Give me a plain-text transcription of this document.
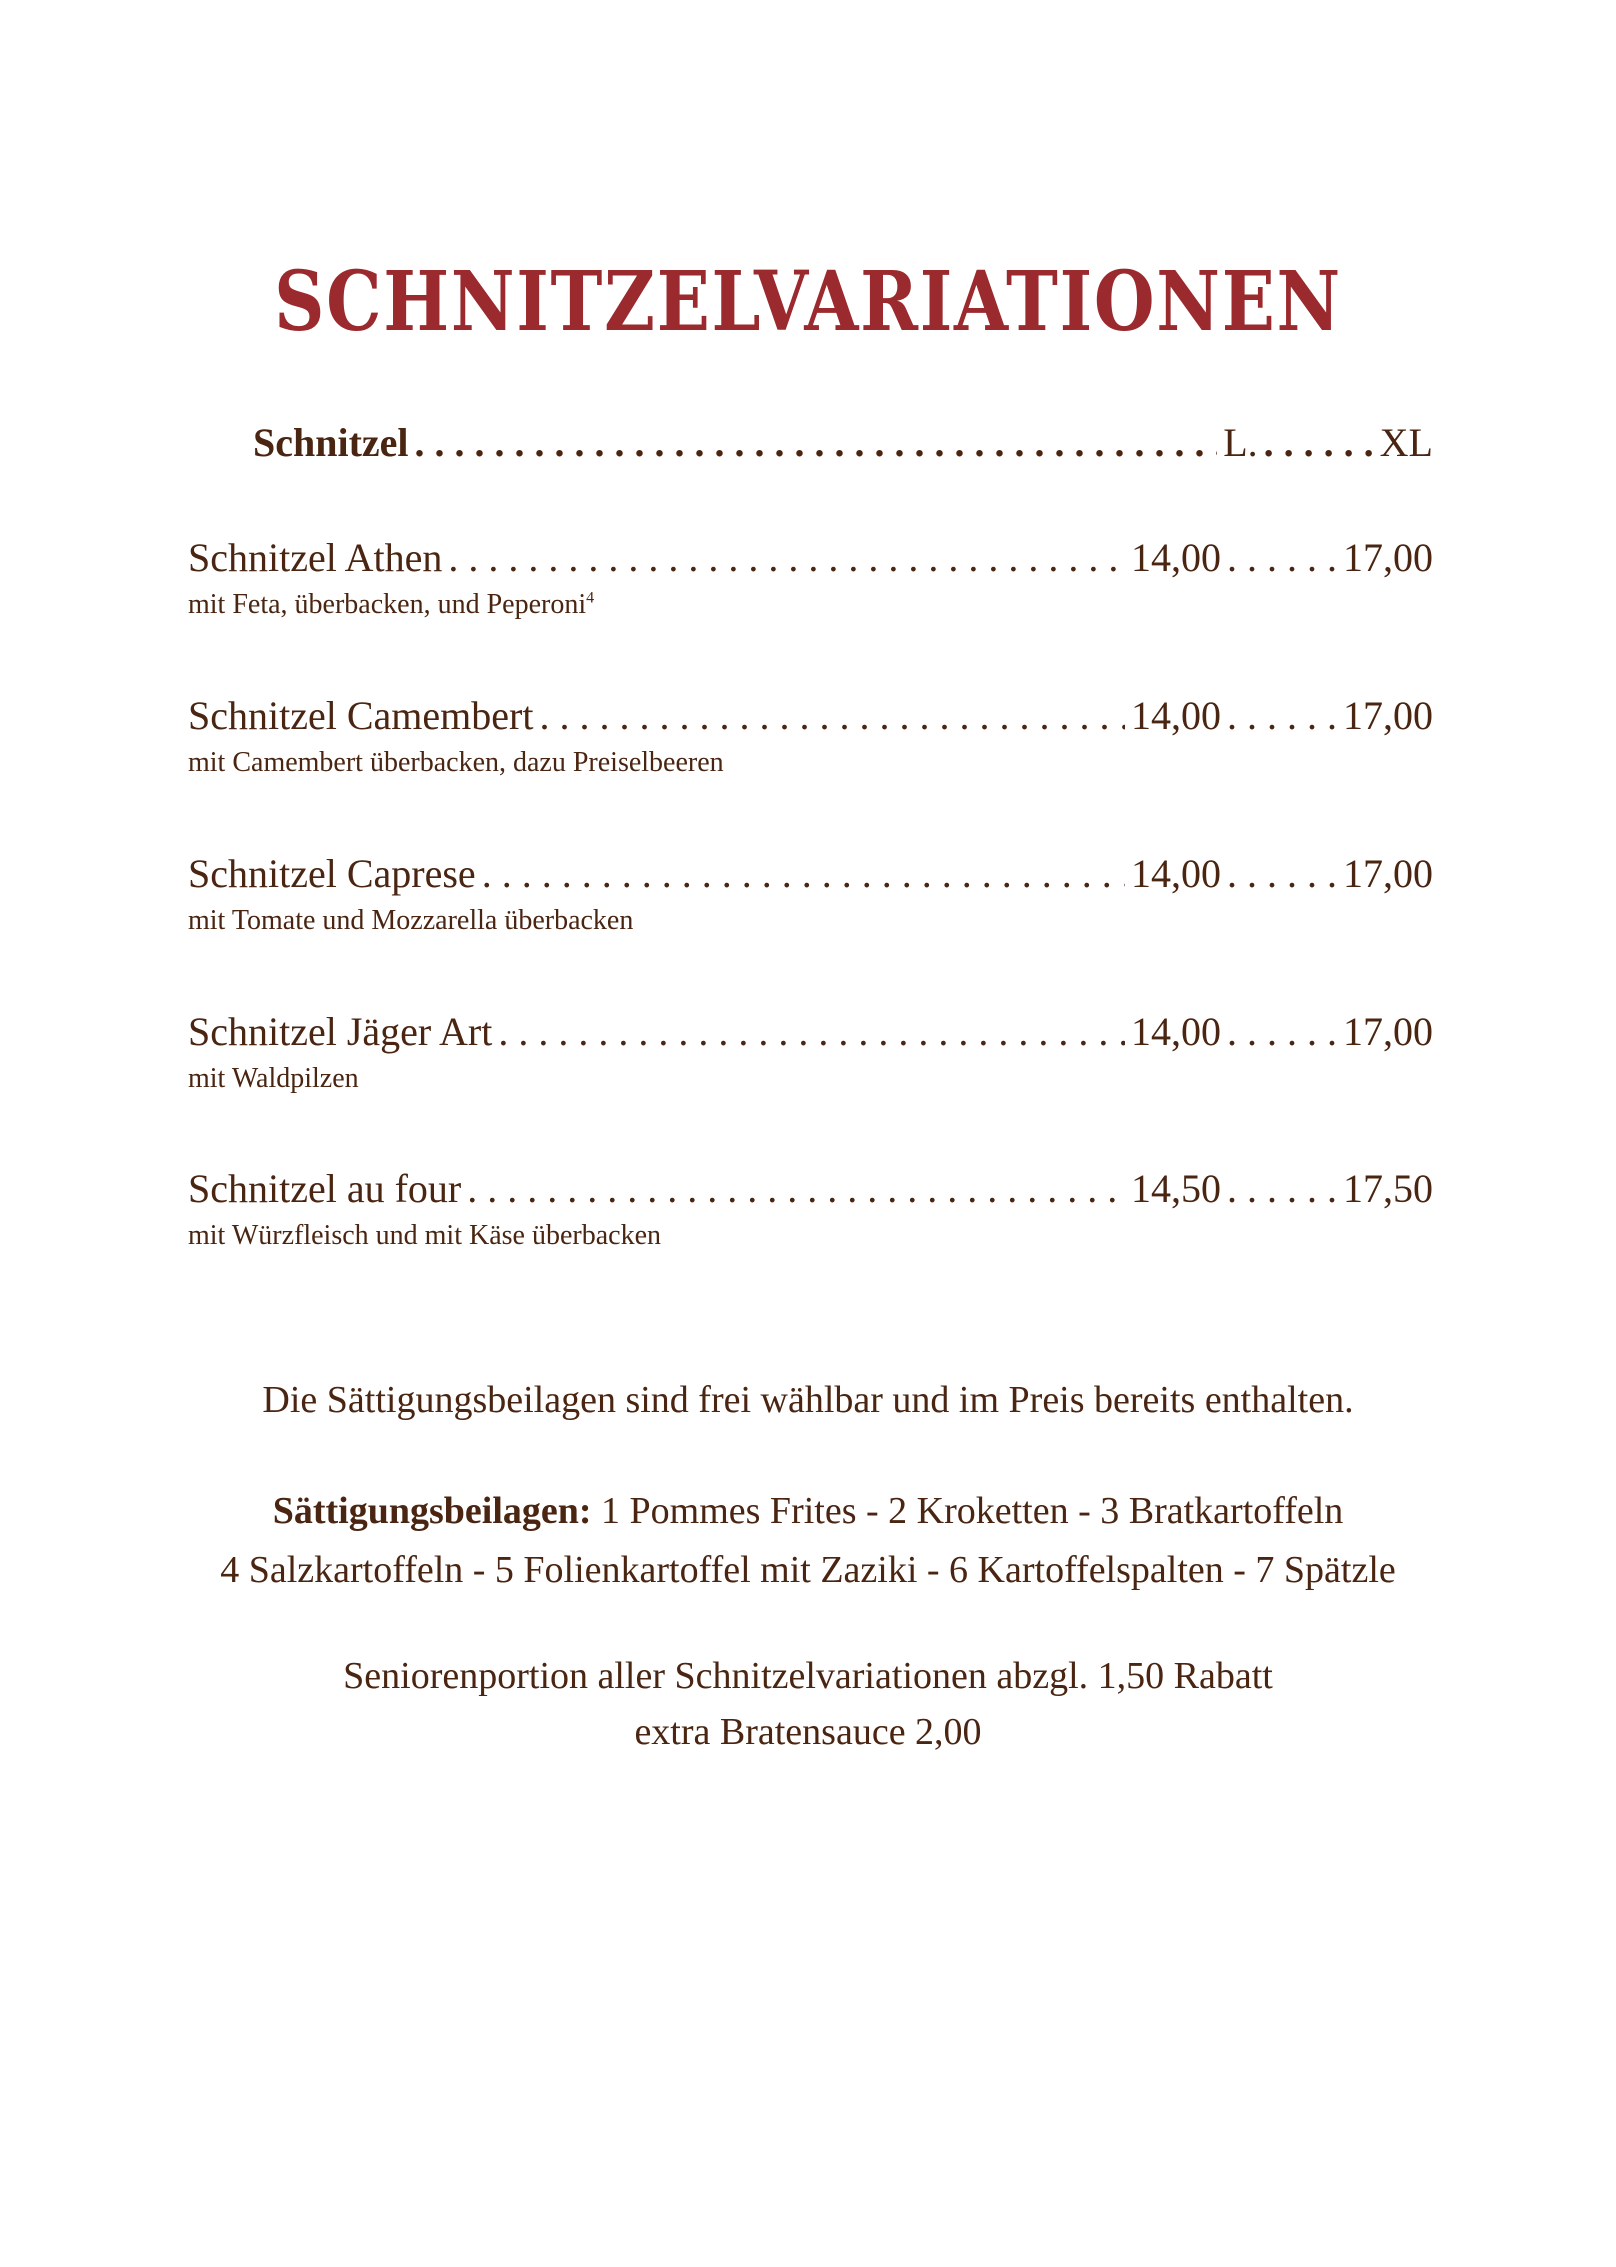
SCHNITZELVARIATIONEN
Schnitzel . . .	L. . . .	XL
Schnitzel Athen . . .	14,00 . . .	17,00
mit Feta, überbacken, und Peperoni$^4$
Schnitzel Camembert . . .	14,00 . . .	17,00
mit Camembert überbacken, dazu Preiselbeeren
Schnitzel Caprese . . .	14,00 . . .	17,00
mit Tomate und Mozzarella überbacken
Schnitzel Jäger Art . . .	14,00 . . .	17,00
mit Waldpilzen
Schnitzel au four . . .	14,50 . . .	17,50
mit Würzfleisch und mit Käse überbacken
Die Sättigungsbeilagen sind frei wählbar und im Preis bereits enthalten.
Sättigungsbeilagen: 1 Pommes Frites - 2 Kroketten - 3 Bratkartoffeln
4 Salzkartoffeln - 5 Folienkartoffel mit Zaziki - 6 Kartoffelspalten - 7 Spätzle
Seniorenportion aller Schnitzelvariationen abzgl. 1,50 Rabatt
extra Bratensauce 2,00
